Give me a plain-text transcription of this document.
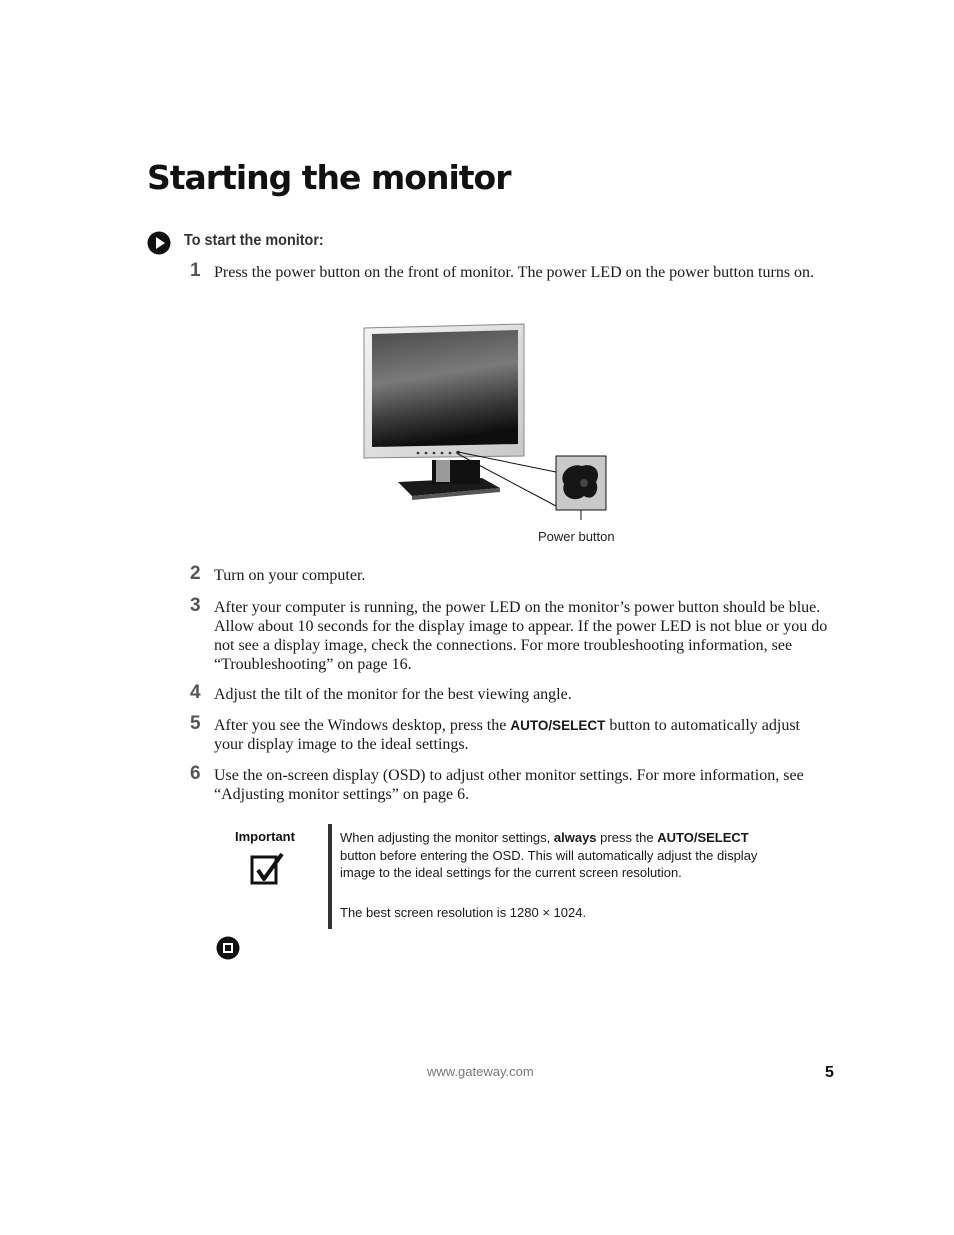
Starting the monitor
To start the monitor:
1 Press the power button on the front of monitor. The power LED on the power button turns on.
Power button
2 Turn on your computer.
3 After your computer is running, the power LED on the monitor’s power button should be blue. Allow about 10 seconds for the display image to appear. If the power LED is not blue or you do not see a display image, check the connections. For more troubleshooting information, see “Troubleshooting” on page 16.
4 Adjust the tilt of the monitor for the best viewing angle.
5 After you see the Windows desktop, press the AUTO/SELECT button to automatically adjust your display image to the ideal settings.
6 Use the on-screen display (OSD) to adjust other monitor settings. For more information, see “Adjusting monitor settings” on page 6.
Important	When adjusting the monitor settings, always press the AUTO/SELECT button before entering the OSD. This will automatically adjust the display image to the ideal settings for the current screen resolution.
The best screen resolution is 1280 × 1024.
www.gateway.com	5
